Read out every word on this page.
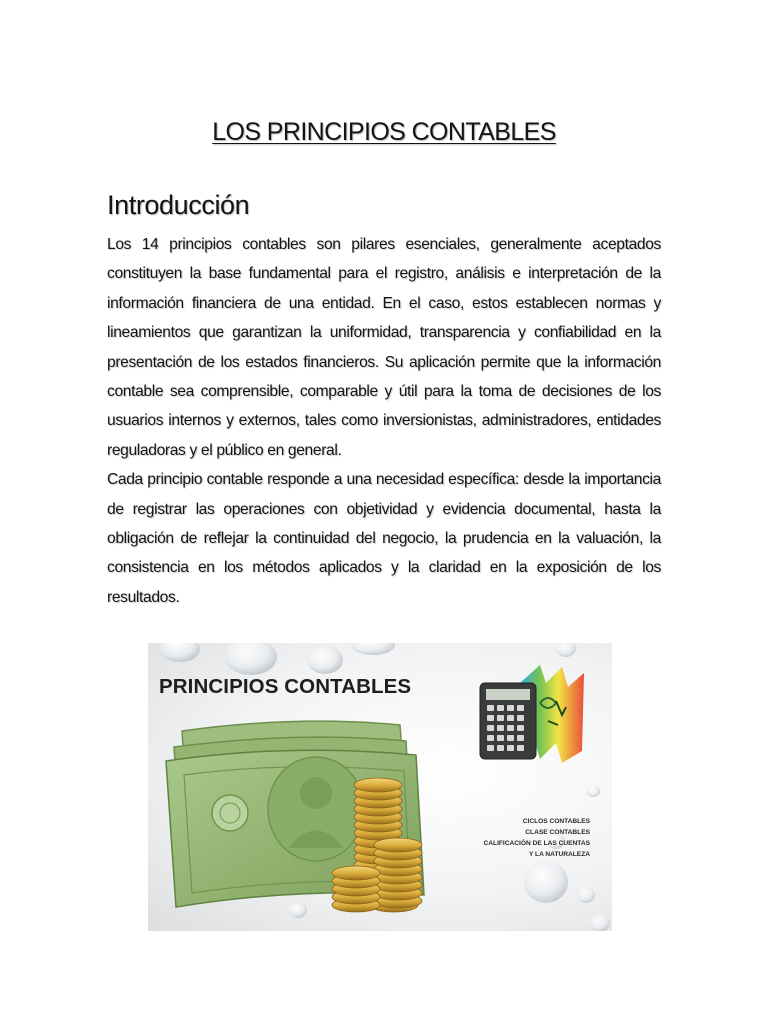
LOS PRINCIPIOS CONTABLES
Introducción

Los 14 principios contables son pilares esenciales, generalmente aceptados constituyen la base fundamental para el registro, análisis e interpretación de la información financiera de una entidad. En el caso, estos establecen normas y lineamientos que garantizan la uniformidad, transparencia y confiabilidad en la presentación de los estados financieros. Su aplicación permite que la información contable sea comprensible, comparable y útil para la toma de decisiones de los usuarios internos y externos, tales como inversionistas, administradores, entidades reguladoras y el público en general.

Cada principio contable responde a una necesidad específica: desde la importancia de registrar las operaciones con objetividad y evidencia documental, hasta la obligación de reflejar la continuidad del negocio, la prudencia en la valuación, la consistencia en los métodos aplicados y la claridad en la exposición de los resultados.

PRINCIPIOS CONTABLES
CICLOS CONTABLES
CLASE CONTABLES
CALIFICACIÓN DE LAS CUENTAS
Y LA NATURALEZA
